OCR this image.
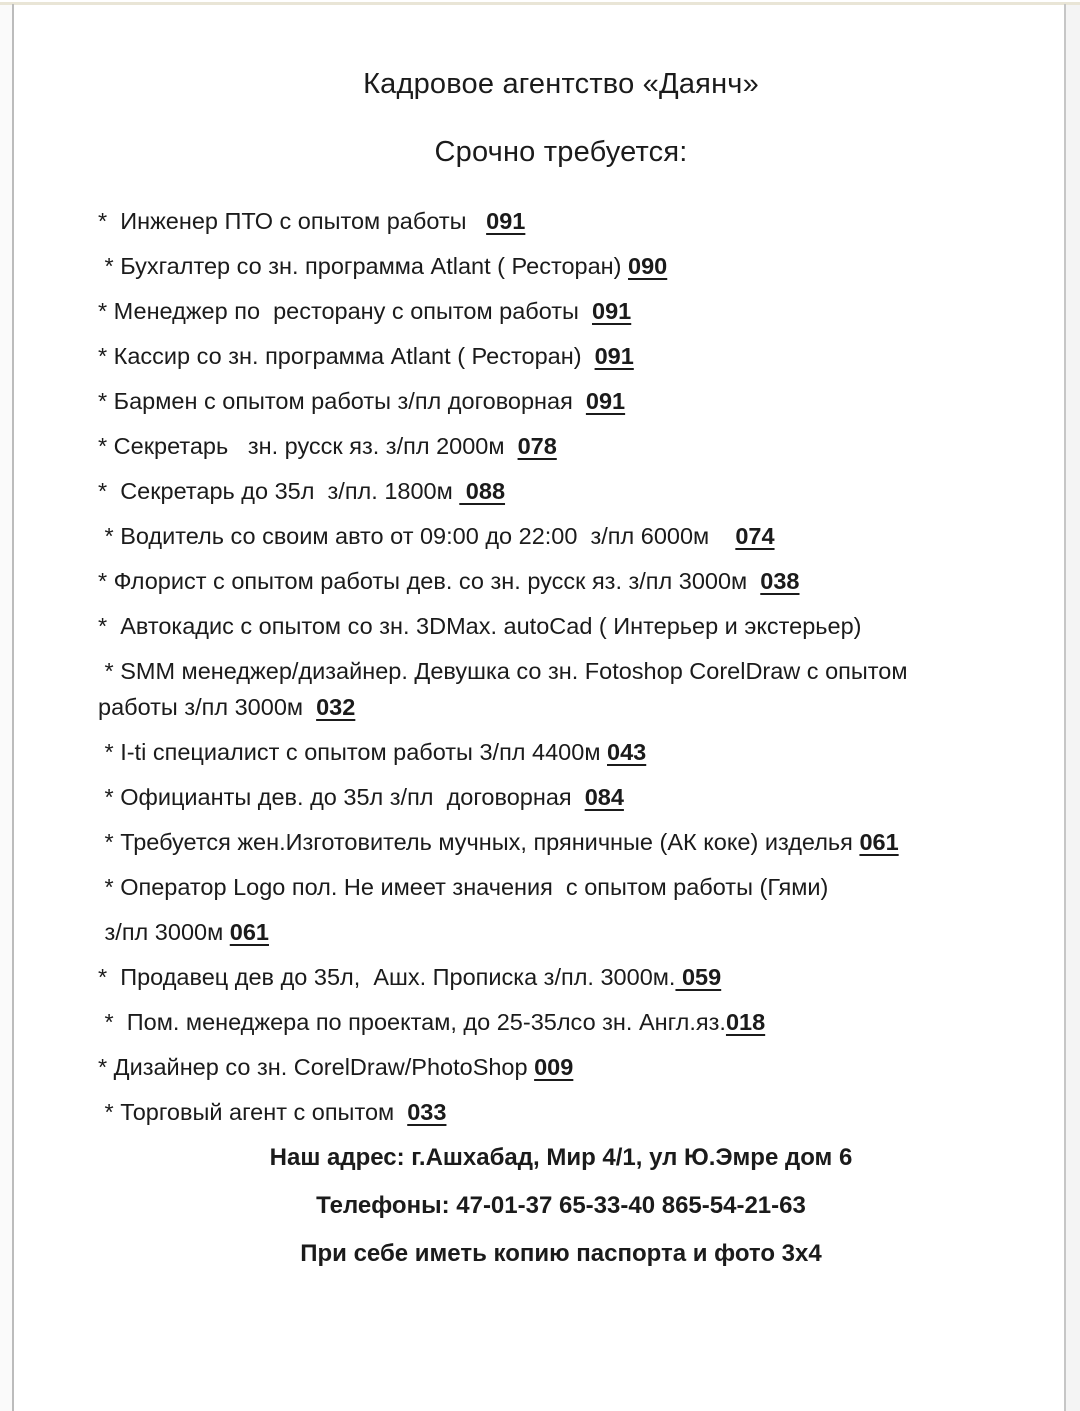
Кадровое агентство «Даянч»
Срочно требуется:

*  Инженер ПТО с опытом работы   091

* Бухгалтер со зн. программа Atlant ( Ресторан) 090

* Менеджер по  ресторану с опытом работы  091

* Кассир со зн. программа Atlant ( Ресторан)  091

* Бармен с опытом работы з/пл договорная  091

* Секретарь   зн. русск яз. з/пл 2000м  078

*  Секретарь до 35л  з/пл. 1800м  088

* Водитель со своим авто от 09:00 до 22:00  з/пл 6000м    074

* Флорист с опытом работы дев. со зн. русск яз. з/пл 3000м  038

*  Автокадис с опытом со зн. 3DMax. autoCad ( Интерьер и экстерьер)

* SMM менеджер/дизайнер. Девушка со зн. Fotoshop CorelDraw с опытом
работы з/пл 3000м  032

* I-ti специалист с опытом работы 3/пл 4400м 043

* Официанты дев. до 35л з/пл  договорная  084

* Требуется жен.Изготовитель мучных, пряничные (АК коке) изделья 061

* Оператор Logo пол. Не имеет значения  с опытом работы (Гями)

з/пл 3000м 061

*  Продавец дев до 35л,  Ашх. Прописка з/пл. 3000м. 059

*  Пом. менеджера по проектам, до 25-35лсо зн. Англ.яз.018

* Дизайнер со зн. CorelDraw/PhotoShop 009

* Торговый агент с опытом  033

Наш адрес: г.Ашхабад, Мир 4/1, ул Ю.Эмре дом 6

Телефоны: 47-01-37 65-33-40 865-54-21-63

При себе иметь копию паспорта и фото 3х4
